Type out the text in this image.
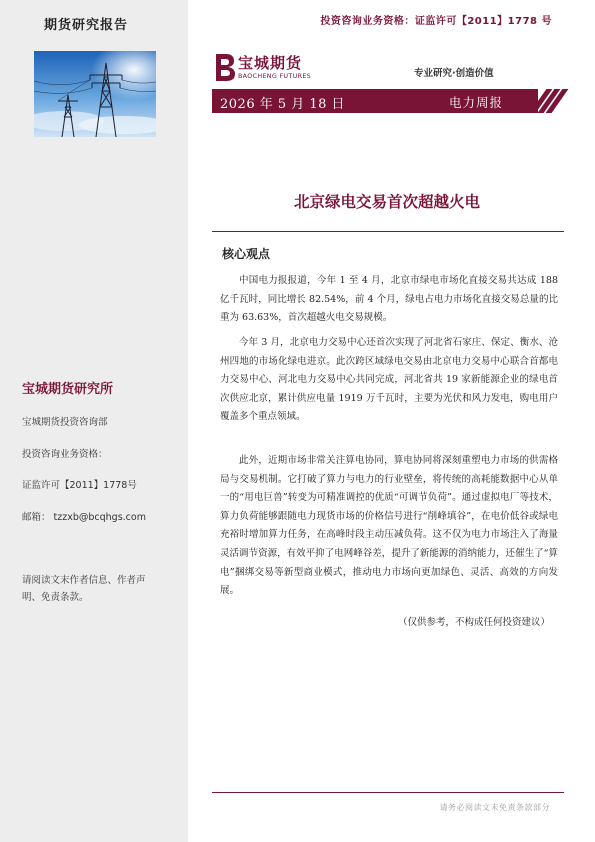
期货研究报告
宝城期货研究所
宝城期货投资咨询部
投资咨询业务资格：
证监许可【2011】1778号
邮箱： tzzxb@bcqhgs.com
请阅读文末作者信息、作者声明、免责条款。
投资咨询业务资格：证监许可【2011】1778 号
宝城期货
BAOCHENG FUTURES	专业研究·创造价值
2026 年 5 月 18 日	电力周报
北京绿电交易首次超越火电
核心观点

中国电力报报道，今年 1 至 4 月，北京市绿电市场化直接交易共达成 188 亿千瓦时，同比增长 82.54%，前 4 个月，绿电占电力市场化直接交易总量的比重为 63.63%，首次超越火电交易规模。

今年 3 月，北京电力交易中心还首次实现了河北省石家庄、保定、衡水、沧州四地的市场化绿电进京。此次跨区域绿电交易由北京电力交易中心联合首都电力交易中心、河北电力交易中心共同完成，河北省共 19 家新能源企业的绿电首次供应北京，累计供应电量 1919 万千瓦时，主要为光伏和风力发电，购电用户覆盖多个重点领域。

此外，近期市场非常关注算电协同，算电协同将深刻重塑电力市场的供需格局与交易机制。它打破了算力与电力的行业壁垒，将传统的高耗能数据中心从单一的“用电巨兽”转变为可精准调控的优质“可调节负荷”。通过虚拟电厂等技术，算力负荷能够跟随电力现货市场的价格信号进行“削峰填谷”，在电价低谷或绿电充裕时增加算力任务，在高峰时段主动压减负荷。这不仅为电力市场注入了海量灵活调节资源，有效平抑了电网峰谷差，提升了新能源的消纳能力，还催生了“算电”捆绑交易等新型商业模式，推动电力市场向更加绿色、灵活、高效的方向发展。

（仅供参考，不构成任何投资建议）
请务必阅读文末免责条款部分
